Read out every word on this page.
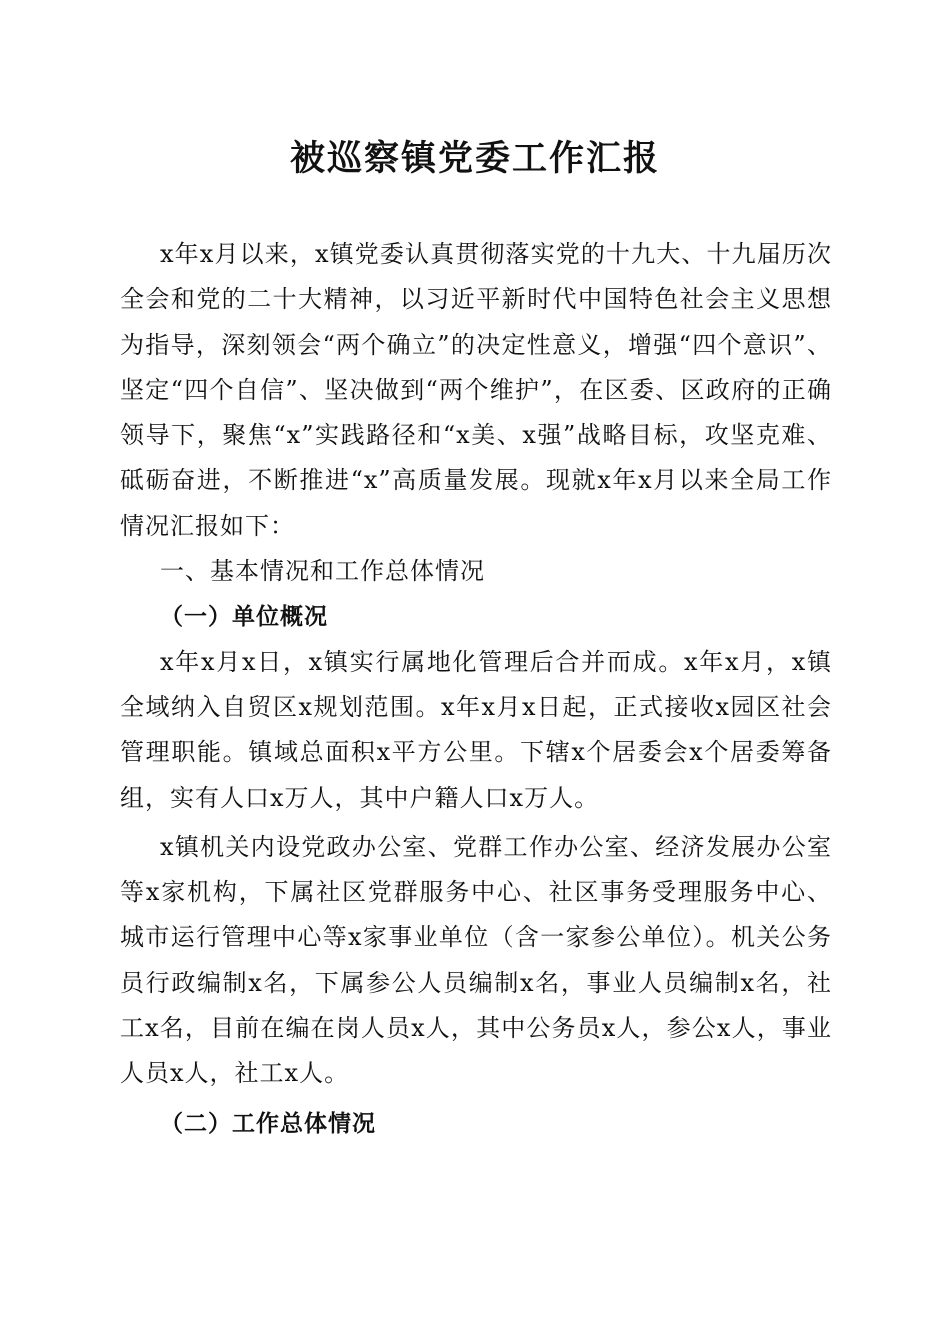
被巡察镇党委工作汇报

x年x月以来，x镇党委认真贯彻落实党的十九大、十九届历次全会和党的二十大精神，以习近平新时代中国特色社会主义思想为指导，深刻领会“两个确立”的决定性意义，增强“四个意识”、坚定“四个自信”、坚决做到“两个维护”，在区委、区政府的正确领导下，聚焦“x”实践路径和“x美、x强”战略目标，攻坚克难、砥砺奋进，不断推进“x”高质量发展。现就x年x月以来全局工作情况汇报如下：

一、基本情况和工作总体情况

（一）单位概况

x年x月x日，x镇实行属地化管理后合并而成。x年x月，x镇全域纳入自贸区x规划范围。x年x月x日起，正式接收x园区社会管理职能。镇域总面积x平方公里。下辖x个居委会x个居委筹备组，实有人口x万人，其中户籍人口x万人。

x镇机关内设党政办公室、党群工作办公室、经济发展办公室等x家机构，下属社区党群服务中心、社区事务受理服务中心、城市运行管理中心等x家事业单位（含一家参公单位）。机关公务员行政编制x名，下属参公人员编制x名，事业人员编制x名，社工x名，目前在编在岗人员x人，其中公务员x人，参公x人，事业人员x人，社工x人。

（二）工作总体情况
